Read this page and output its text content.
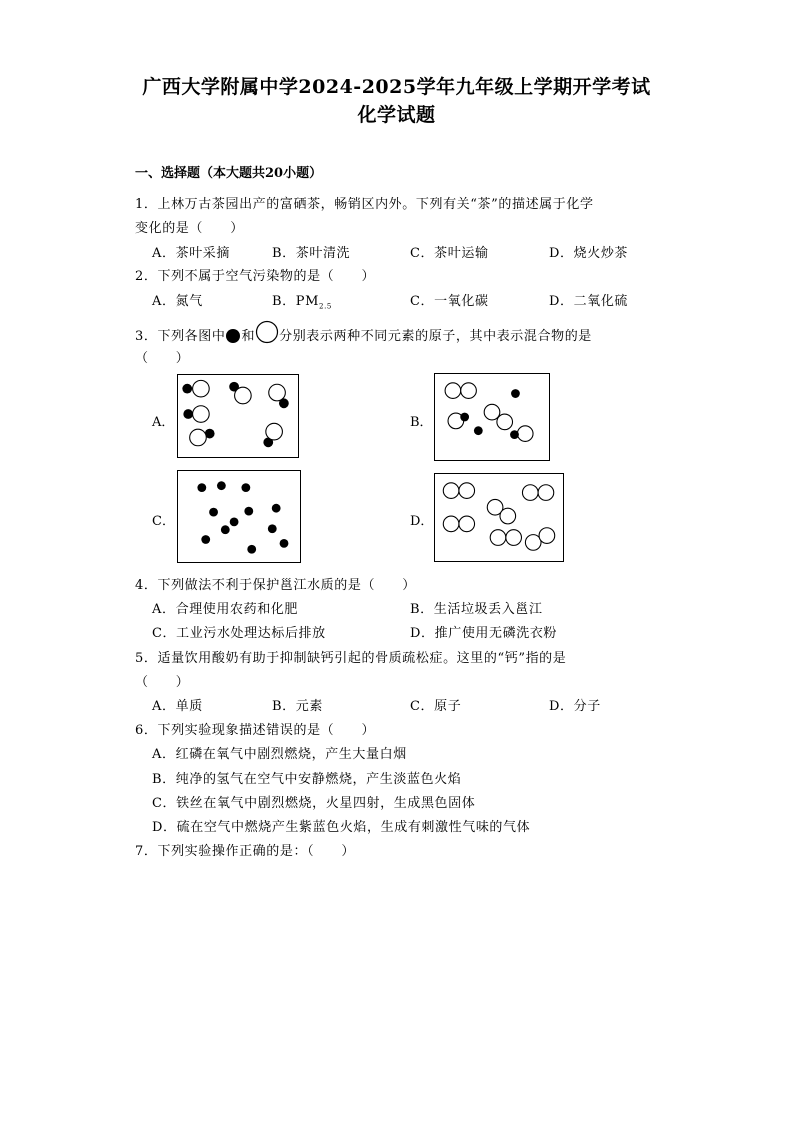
广西大学附属中学2024-2025学年九年级上学期开学考试
化学试题
一、选择题（本大题共20小题）
1．上林万古茶园出产的富硒茶，畅销区内外。下列有关“茶”的描述属于化学
变化的是（　　）
A．茶叶采摘	B．茶叶清洗	C．茶叶运输	D．烧火炒茶
2．下列不属于空气污染物的是（　　）
A．氮气	B．$PM_{2.5}$	C．一氧化碳	D．二氧化硫
3．下列各图中 和 分别表示两种不同元素的原子，其中表示混合物的是
（　　）
A．	B．
C．	D．
4．下列做法不利于保护邕江水质的是（　　）
A．合理使用农药和化肥	B．生活垃圾丢入邕江
C．工业污水处理达标后排放	D．推广使用无磷洗衣粉
5．适量饮用酸奶有助于抑制缺钙引起的骨质疏松症。这里的“钙”指的是
（　　）
A．单质	B．元素	C．原子	D．分子
6．下列实验现象描述错误的是（　　）
A．红磷在氧气中剧烈燃烧，产生大量白烟
B．纯净的氢气在空气中安静燃烧，产生淡蓝色火焰
C．铁丝在氧气中剧烈燃烧，火星四射，生成黑色固体
D．硫在空气中燃烧产生紫蓝色火焰，生成有刺激性气味的气体
7．下列实验操作正确的是：（　　）
